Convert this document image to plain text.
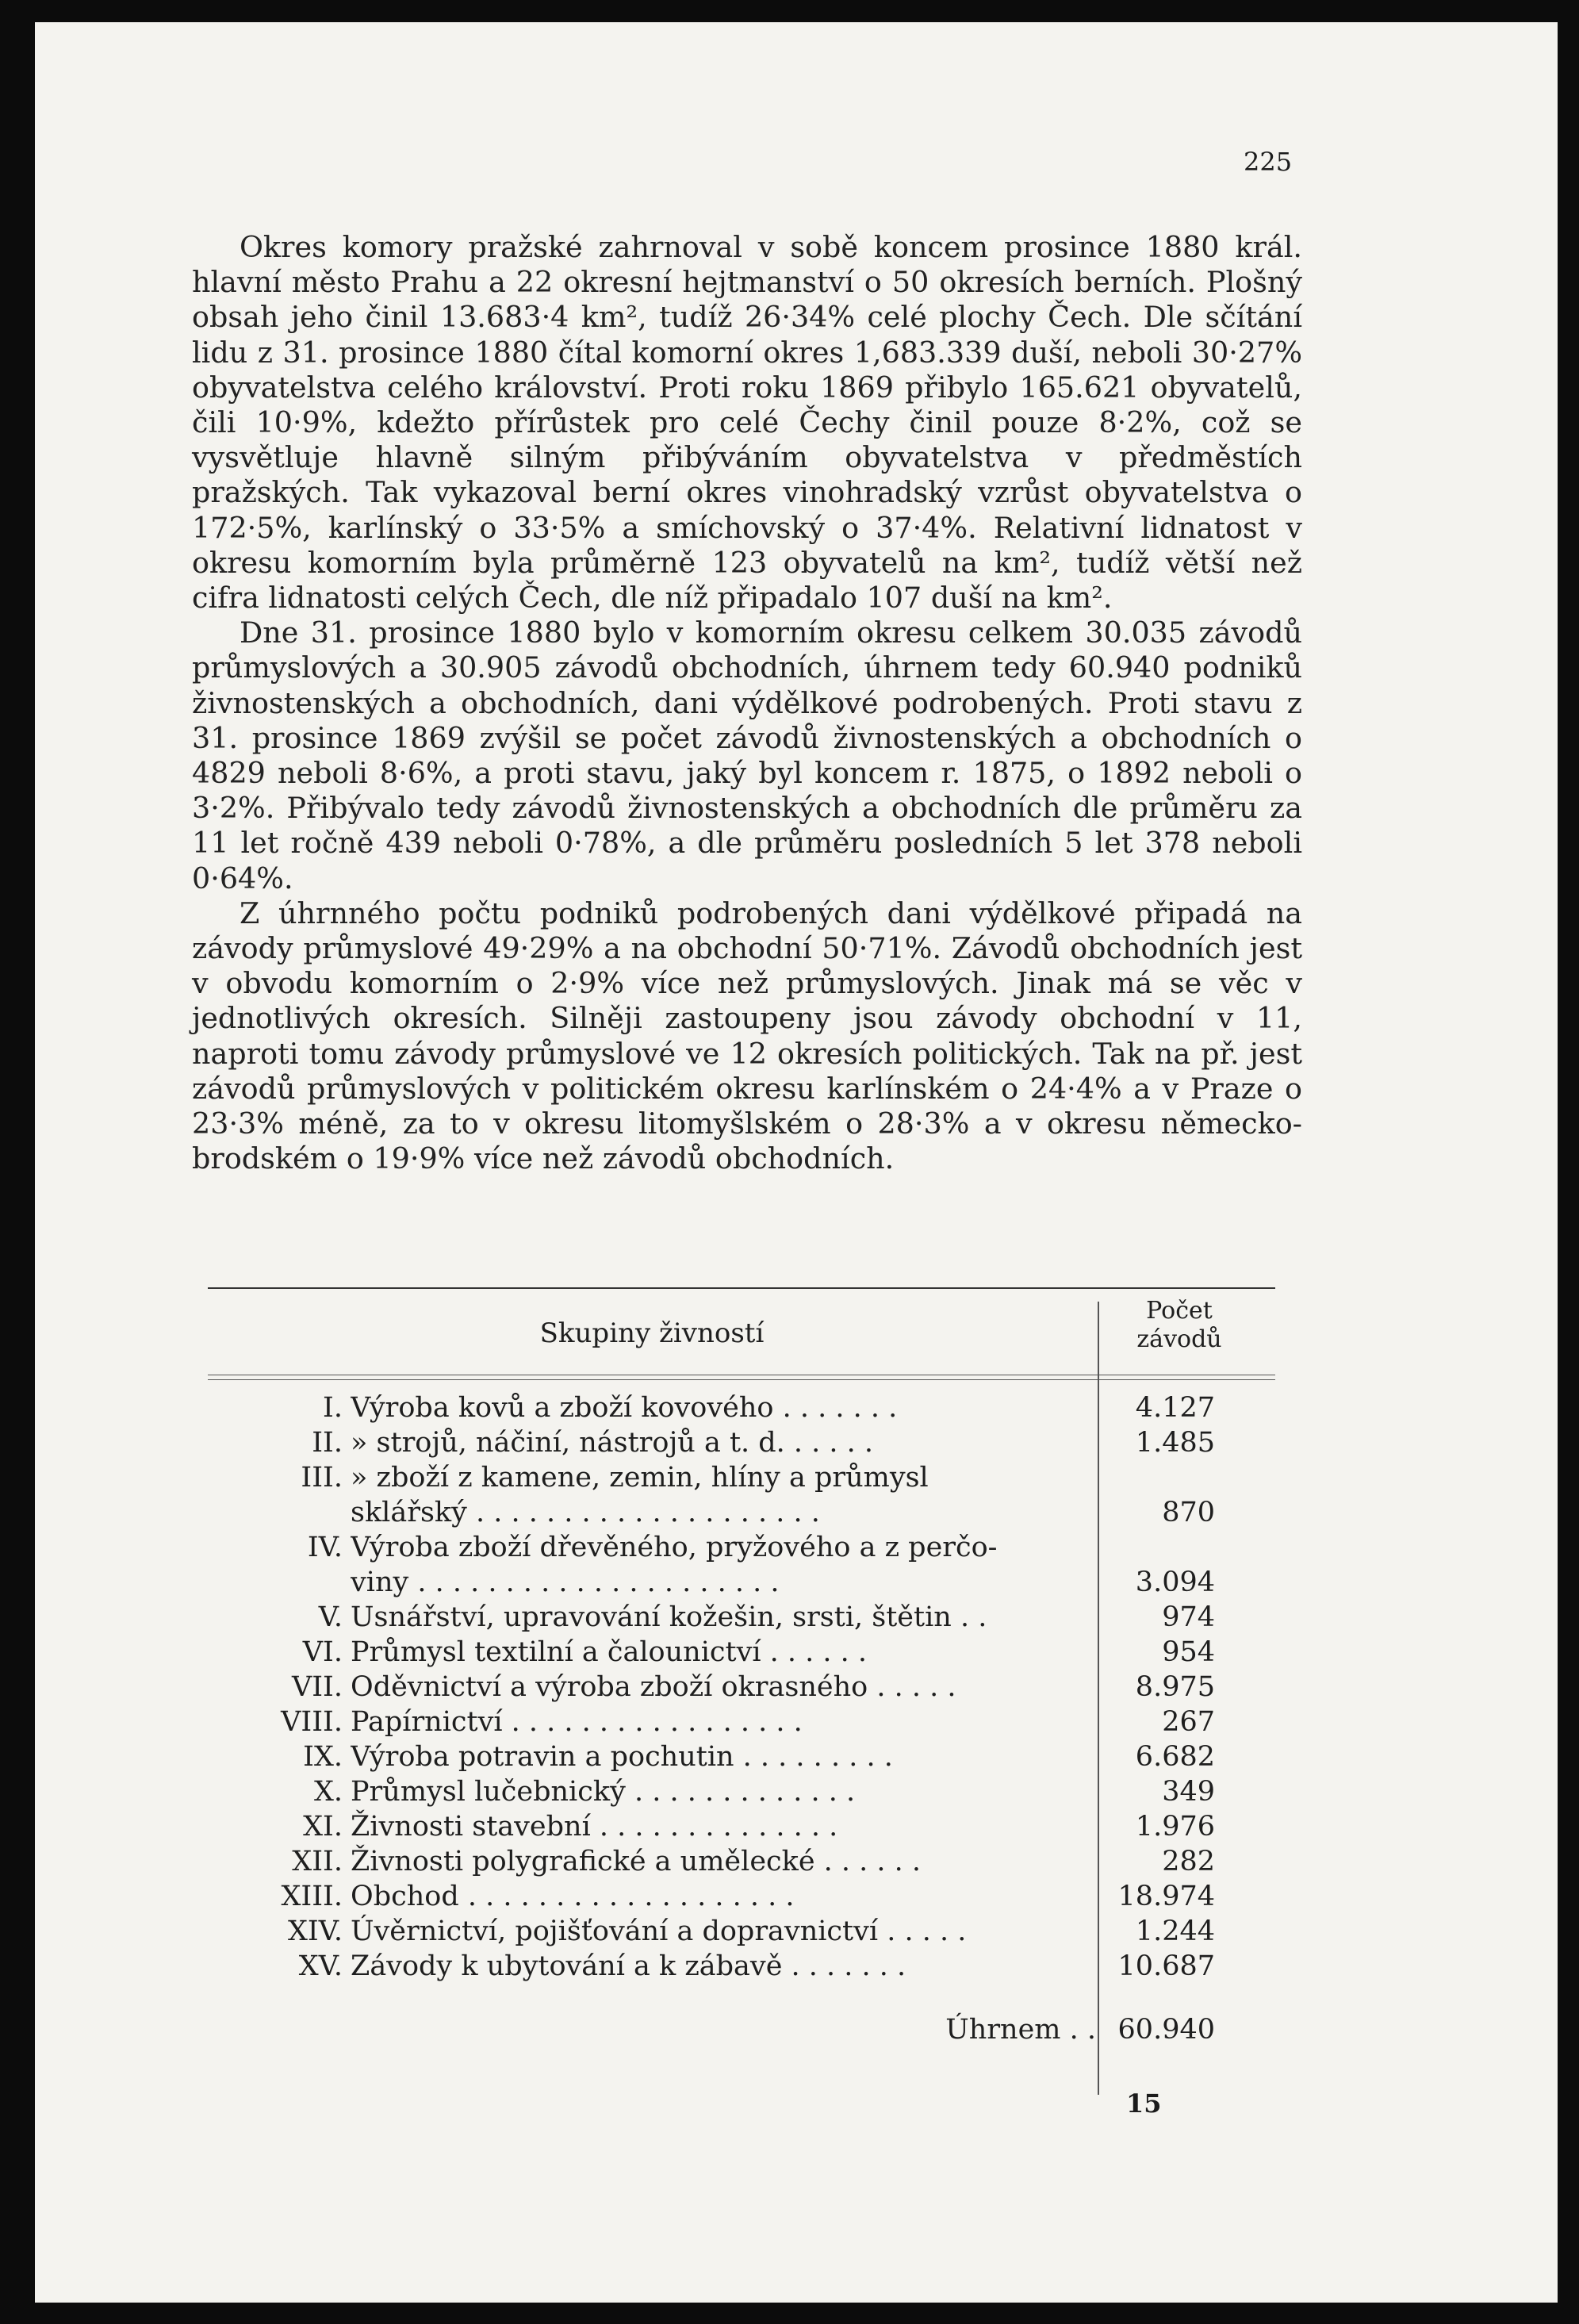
225

Okres komory pražské zahrnoval v sobě koncem prosince 1880 král. hlavní město Prahu a 22 okresní hejtmanství o 50 okresích berních. Plošný obsah jeho činil 13.683·4 km², tudíž 26·34% celé plochy Čech. Dle sčítání lidu z 31. prosince 1880 čítal komorní okres 1,683.339 duší, neboli 30·27% obyvatelstva celého království. Proti roku 1869 přibylo 165.621 obyvatelů, čili 10·9%, kdežto přírůstek pro celé Čechy činil pouze 8·2%, což se vysvětluje hlavně silným přibýváním obyvatelstva v předměstích pražských. Tak vykazoval berní okres vinohradský vzrůst obyvatelstva o 172·5%, karlínský o 33·5% a smíchovský o 37·4%. Relativní lidnatost v okresu komorním byla průměrně 123 obyvatelů na km², tudíž větší než cifra lidnatosti celých Čech, dle níž připadalo 107 duší na km².

Dne 31. prosince 1880 bylo v komorním okresu celkem 30.035 závodů průmyslových a 30.905 závodů obchodních, úhrnem tedy 60.940 podniků živnostenských a obchodních, dani výdělkové podrobených. Proti stavu z 31. prosince 1869 zvýšil se počet závodů živnostenských a obchodních o 4829 neboli 8·6%, a proti stavu, jaký byl koncem r. 1875, o 1892 neboli o 3·2%. Přibývalo tedy závodů živnostenských a obchodních dle průměru za 11 let ročně 439 neboli 0·78%, a dle průměru posledních 5 let 378 neboli 0·64%.

Z úhrnného počtu podniků podrobených dani výdělkové připadá na závody průmyslové 49·29% a na obchodní 50·71%. Závodů obchodních jest v obvodu komorním o 2·9% více než průmyslových. Jinak má se věc v jednotlivých okresích. Silněji zastoupeny jsou závody obchodní v 11, naproti tomu závody průmyslové ve 12 okresích politických. Tak na př. jest závodů průmyslových v politickém okresu karlínském o 24·4% a v Praze o 23·3% méně, za to v okresu litomyšlském o 28·3% a v okresu německo-brodském o 19·9% více než závodů obchodních.

Skupiny živností
Počet
závodů
I. Výroba kovů a zboží kovového . . . . . . .	4.127
II. » strojů, náčiní, nástrojů a t. d. . . . . .	1.485
III. » zboží z kamene, zemin, hlíny a průmysl
sklářský . . . . . . . . . . . . . . . . . . . .	870
IV. Výroba zboží dřevěného, pryžového a z perčo-
viny . . . . . . . . . . . . . . . . . . . . .	3.094
V. Usnářství, upravování kožešin, srsti, štětin . .	974
VI. Průmysl textilní a čalounictví . . . . . .	954
VII. Oděvnictví a výroba zboží okrasného . . . . .	8.975
VIII. Papírnictví . . . . . . . . . . . . . . . . .	267
IX. Výroba potravin a pochutin . . . . . . . . .	6.682
X. Průmysl lučebnický . . . . . . . . . . . . .	349
XI. Živnosti stavební . . . . . . . . . . . . . .	1.976
XII. Živnosti polygrafické a umělecké . . . . . .	282
XIII. Obchod . . . . . . . . . . . . . . . . . . .	18.974
XIV. Úvěrnictví, pojišťování a dopravnictví . . . . .	1.244
XV. Závody k ubytování a k zábavě . . . . . . .	10.687
Úhrnem . . 60.940
15
